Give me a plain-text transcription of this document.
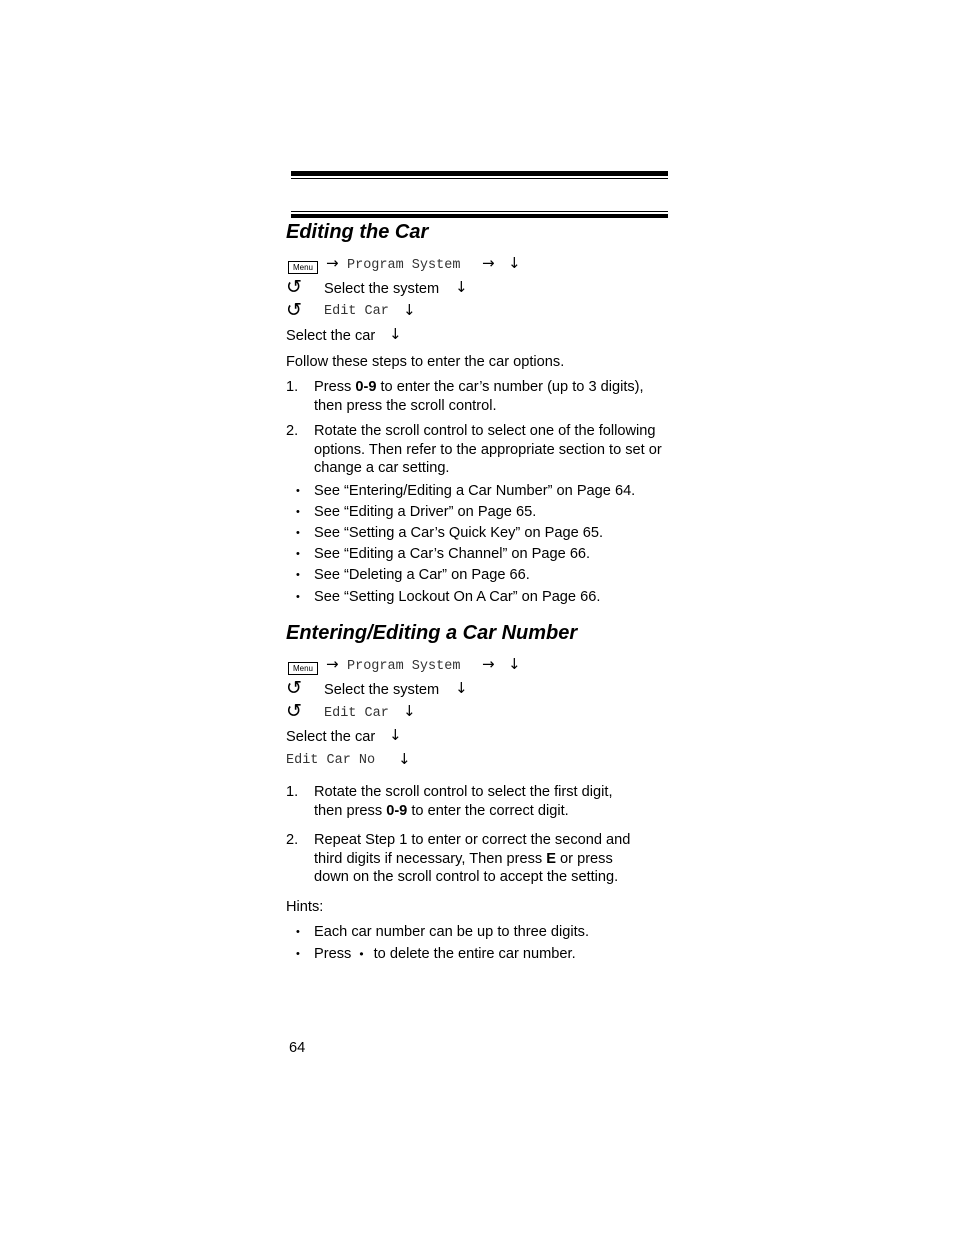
Editing the Car
Menu → Program System → ↓
↺ Select the system ↓
↺ Edit Car ↓
Select the car ↓
Follow these steps to enter the car options.
1. Press 0-9 to enter the car’s number (up to 3 digits), then press the scroll control.
2. Rotate the scroll control to select one of the following options. Then refer to the appropriate section to set or change a car setting.
• See “Entering/Editing a Car Number” on Page 64.
• See “Editing a Driver” on Page 65.
• See “Setting a Car’s Quick Key” on Page 65.
• See “Editing a Car’s Channel” on Page 66.
• See “Deleting a Car” on Page 66.
• See “Setting Lockout On A Car” on Page 66.
Entering/Editing a Car Number
Menu → Program System → ↓
↺ Select the system ↓
↺ Edit Car ↓
Select the car ↓
Edit Car No ↓
1. Rotate the scroll control to select the first digit,
then press 0-9 to enter the correct digit.
2. Repeat Step 1 to enter or correct the second and
third digits if necessary, Then press E or press
down on the scroll control to accept the setting.
Hints:
• Each car number can be up to three digits.
• Press • to delete the entire car number.
64
